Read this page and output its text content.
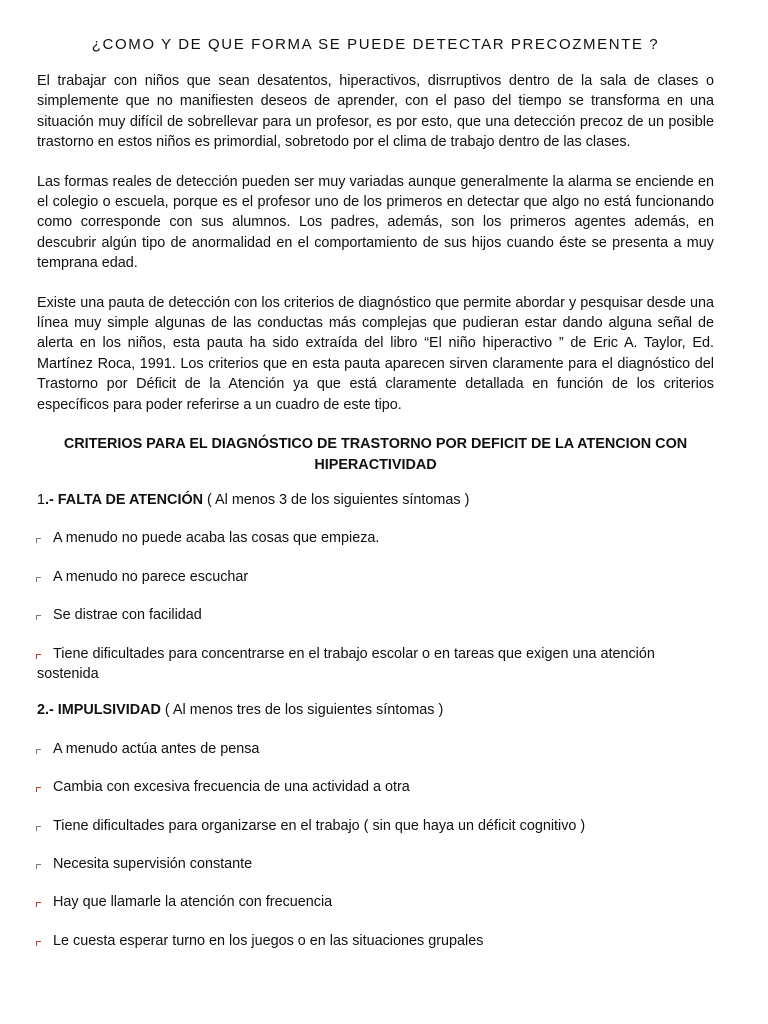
¿COMO Y DE QUE FORMA SE PUEDE DETECTAR PRECOZMENTE ?

El trabajar con niños que sean desatentos, hiperactivos, disrruptivos dentro de la sala de clases o simplemente que no manifiesten deseos de aprender, con el paso del tiempo se transforma en una situación muy difícil de sobrellevar para un profesor, es por esto, que una detección precoz de un posible trastorno en estos niños es primordial, sobretodo por el clima de trabajo dentro de las clases.

Las formas reales de detección pueden ser muy variadas aunque generalmente la alarma se enciende en el colegio o escuela, porque es el profesor uno de los primeros en detectar que algo no está funcionando como corresponde con sus alumnos. Los padres, además, son los primeros agentes además, en descubrir algún tipo de anormalidad en el comportamiento de sus hijos cuando éste se presenta a muy temprana edad.

Existe una pauta de detección con los criterios de diagnóstico que permite abordar y pesquisar desde una línea muy simple algunas de las conductas más complejas que pudieran estar dando alguna señal de alerta en los niños, esta pauta ha sido extraída del libro “El niño hiperactivo ” de Eric A. Taylor, Ed. Martínez Roca, 1991. Los criterios que en esta pauta aparecen sirven claramente para el diagnóstico del Trastorno por Déficit de la Atención ya que está claramente detallada en función de los criterios específicos para poder referirse a un cuadro de este tipo.

CRITERIOS PARA EL DIAGNÓSTICO DE TRASTORNO POR DEFICIT DE LA ATENCION CON HIPERACTIVIDAD
1.- FALTA DE ATENCIÓN ( Al menos 3 de los siguientes síntomas )
A menudo no puede acaba las cosas que empieza.
A menudo no parece escuchar
Se distrae con facilidad
Tiene dificultades para concentrarse en el trabajo escolar o en tareas que exigen una atención
sostenida
2.- IMPULSIVIDAD ( Al menos tres de los siguientes síntomas )
A menudo actúa antes de pensa
Cambia con excesiva frecuencia de una actividad a otra
Tiene dificultades para organizarse en el trabajo ( sin que haya un déficit cognitivo )
Necesita supervisión constante
Hay que llamarle la atención con frecuencia
Le cuesta esperar turno en los juegos o en las situaciones grupales
